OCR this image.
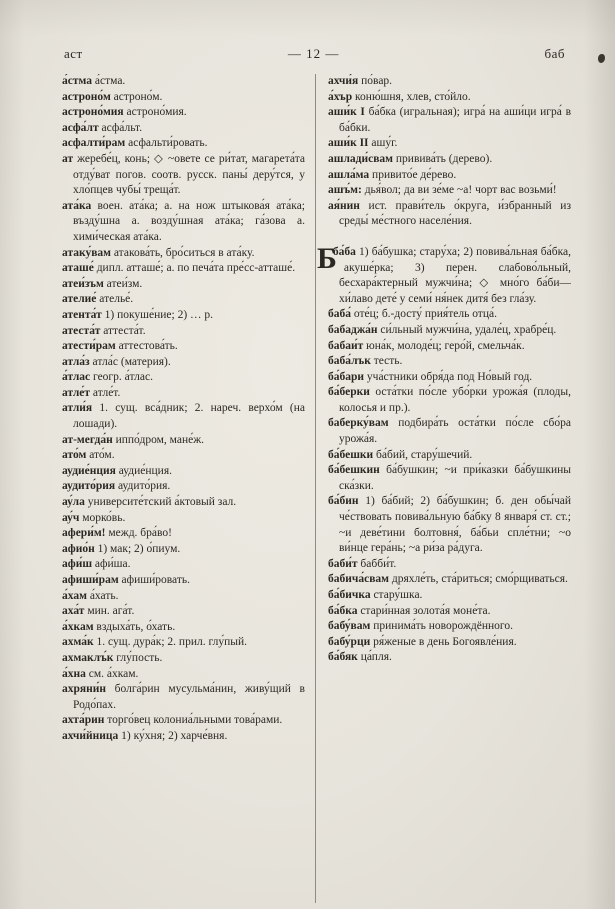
аст	— 12 —	баб

а́стма а́стма.

астроно́м астроно́м.

астроно́мия астроно́мия.

асфа́лт асфа́льт.

асфалти́рам асфальти́ровать.

ат жеребе́ц, конь; ◇ ~овете се ри́тат, магарета́та отду́ват погов. соотв. русск. паны́ деру́тся, у хло́пцев чубы́ треща́т.

ата́ка воен. ата́ка; а. на нож штыкова́я ата́ка; възду́шна а. возду́шная ата́ка; га́зова а. хими́ческая ата́ка.

атаку́вам атакова́ть, бро́ситься в ата́ку.

аташе́ дипл. атташе́; а. по печа́та пре́сс-атташе́.

атеи́зъм атеи́зм.

ателие́ ателье́.

атента́т 1) покуше́ние; 2) … р.

атеста́т аттеста́т.

атести́рам аттестова́ть.

атла́з атла́с (материя).

а́тлас геогр. а́тлас.

атле́т атле́т.

атли́я 1. сущ. вса́дник; 2. нареч. верхо́м (на лошади).

ат-мегда́н иппо́дром, мане́ж.

ато́м ато́м.

аудие́нция аудие́нция.

аудито́рия аудито́рия.

ау́ла университе́тский а́ктовый зал.

ау́ч морко́вь.

афери́м! межд. бра́во!

афио́н 1) мак; 2) о́пиум.

афи́ш афи́ша.

афиши́рам афиши́ровать.

а́хам а́хать.

аха́т мин. ага́т.

а́хкам вздыха́ть, о́хать.

ахма́к 1. сущ. дура́к; 2. прил. глу́пый.

ахмаклъ́к глу́пость.

а́хна см. а́хкам.

ахряни́н болга́рин мусульма́нин, живу́щий в Родо́пах.

ахта́рин торго́вец колониа́льными това́рами.

ахчи́йница 1) ку́хня; 2) харче́вня.

ахчи́я по́вар.

а́хър коню́шня, хлев, сто́йло.

аши́к I ба́бка (игральная); игра́ на аши́ци игра́ в ба́бки.

аши́к II ашу́г.

ашлади́свам привива́ть (дерево).

ашла́ма привито́е де́рево.

ашъ́м: дья́вол; да ви зе́ме ~а! чорт вас возьми́!

ая́нин ист. прави́тель о́круга, и́збранный из среды́ ме́стного населе́ния.

Б
ба́ба 1) ба́бушка; стару́ха; 2) повива́льная ба́бка, акуше́рка; 3) перен. слабово́льный, бесхара́ктерный мужчи́на; ◇ мно́го ба́би—хи́лаво дете́ у семи́ ня́нек дитя́ без гла́зу.

баба́ оте́ц; б.-досту́ прия́тель отца́.

бабаджа́н си́льный мужчи́на, удале́ц, храбре́ц.

бабаи́т юна́к, молоде́ц; геро́й, смельча́к.

баба́лък тесть.

ба́бари уча́стники обря́да под Но́вый год.

ба́берки оста́тки по́сле убо́рки урожа́я (плоды, колосья и пр.).

баберку́вам подбира́ть оста́тки по́сле сбо́ра урожа́я.

ба́бешки ба́бий, стару́шечий.

ба́бешкин ба́бушкин; ~и при́казки ба́бушкины ска́зки.

ба́бин 1) ба́бий; 2) ба́бушкин; б. ден обы́чай че́ствовать повива́льную ба́бку 8 января́ ст. ст.; ~и деве́тини болтовня́, ба́бьи спле́тни; ~о ви́нце гера́нь; ~а ри́за ра́дуга.

баби́т бабби́т.

бабича́свам дряхле́ть, ста́риться; смо́рщиваться.

ба́бичка стару́шка.

ба́бка стари́нная золота́я моне́та.

бабу́вам принима́ть новорождённого.

бабу́рци ря́женые в день Богоявле́ния.

ба́бяк ца́пля.
